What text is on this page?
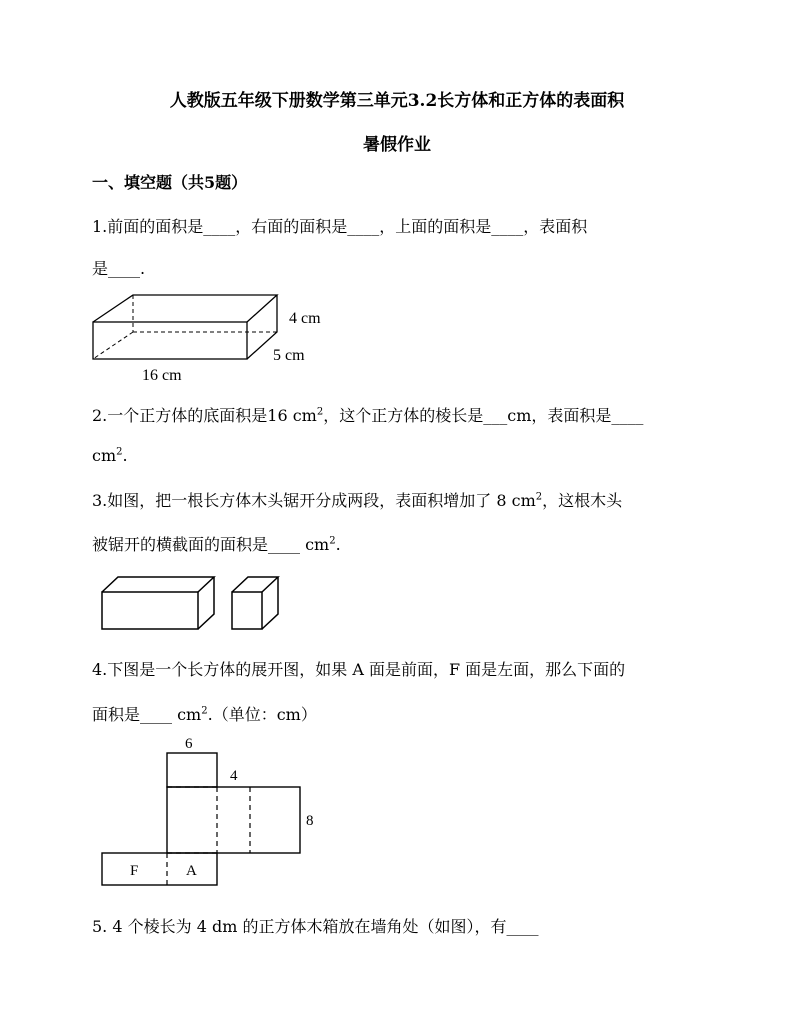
人教版五年级下册数学第三单元3.2长方体和正方体的表面积
暑假作业
一、填空题（共5题）
1.前面的面积是____，右面的面积是____，上面的面积是____，表面积
是____.
4 cm
5 cm
16 cm
2.一个正方体的底面积是16 $cm^2$，这个正方体的棱长是___cm，表面积是____
$cm^2$.
3.如图，把一根长方体木头锯开分成两段，表面积增加了 8 $cm^2$，这根木头
被锯开的横截面的面积是____ $cm^2$.
4.下图是一个长方体的展开图，如果 A 面是前面，F 面是左面，那么下面的
面积是____ $cm^2$.（单位：cm）
6
4
8
F	A
5. 4 个棱长为 4 dm 的正方体木箱放在墙角处（如图），有____
